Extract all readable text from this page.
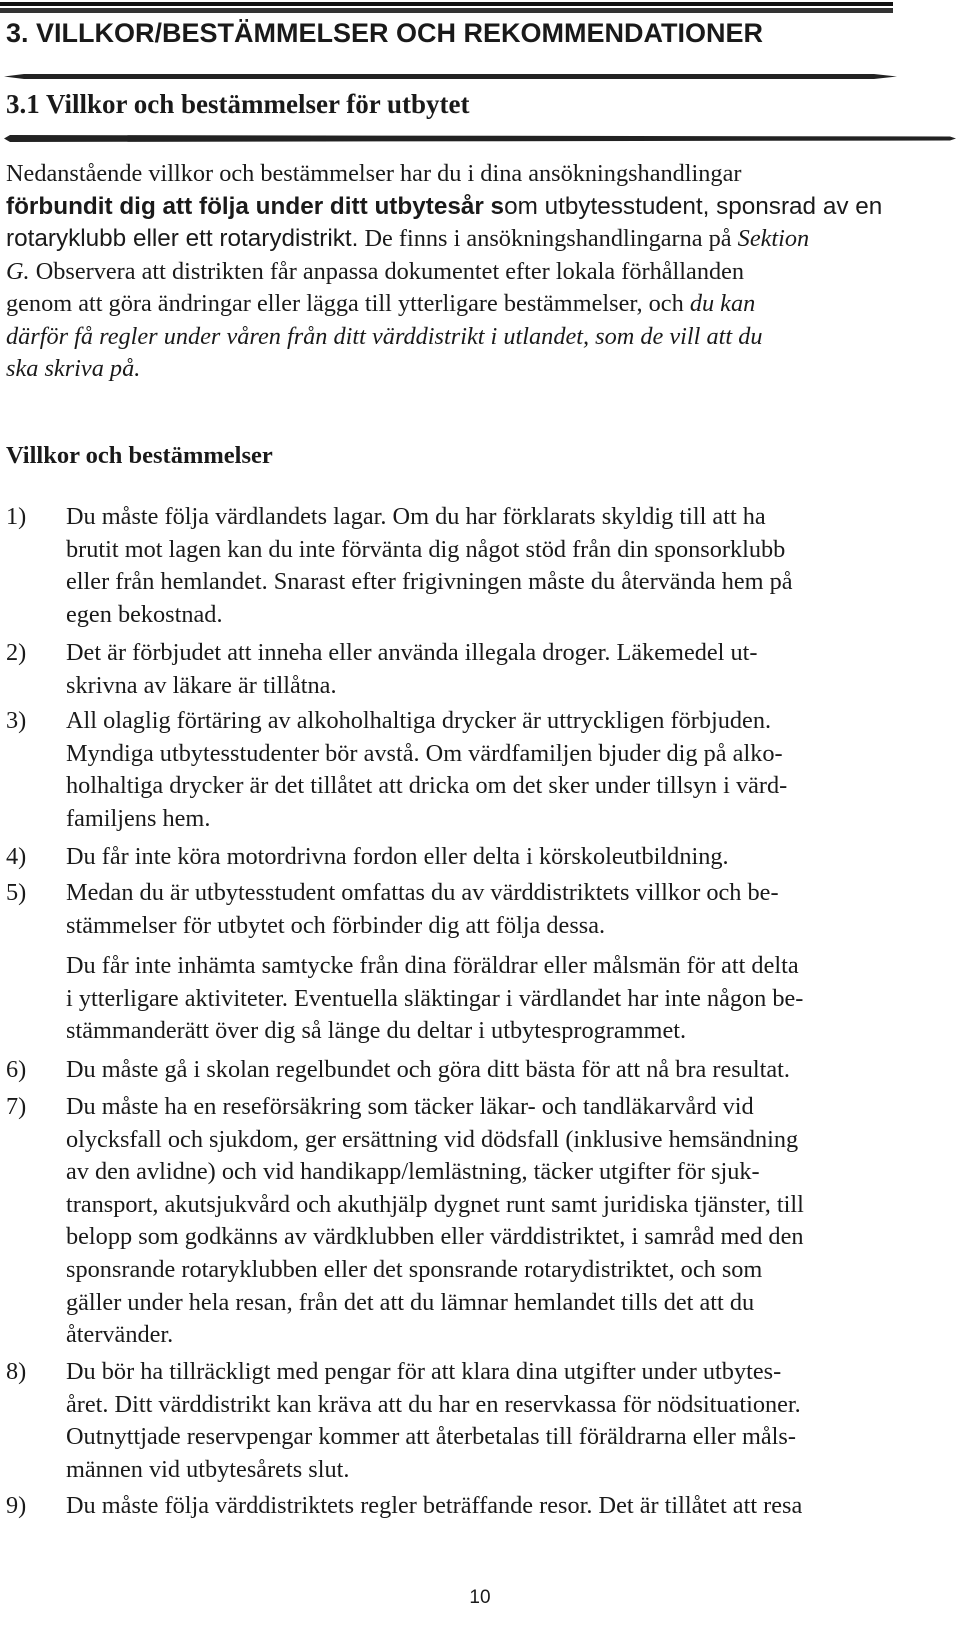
3. VILLKOR/BESTÄMMELSER OCH REKOMMENDATIONER
3.1 Villkor och bestämmelser för utbytet
Nedanstående villkor och bestämmelser har du i dina ansökningshandlingar
förbundit dig att följa under ditt utbytesår som utbytesstudent, sponsrad av en
rotaryklubb eller ett rotarydistrikt. De finns i ansökningshandlingarna på Sektion
G. Observera att distrikten får anpassa dokumentet efter lokala förhållanden
genom att göra ändringar eller lägga till ytterligare bestämmelser, och du kan
därför få regler under våren från ditt värddistrikt i utlandet, som de vill att du
ska skriva på.
Villkor och bestämmelser
1) Du måste följa värdlandets lagar. Om du har förklarats skyldig till att ha
brutit mot lagen kan du inte förvänta dig något stöd från din sponsorklubb
eller från hemlandet. Snarast efter frigivningen måste du återvända hem på
egen bekostnad.
2) Det är förbjudet att inneha eller använda illegala droger. Läkemedel ut-
skrivna av läkare är tillåtna.
3) All olaglig förtäring av alkoholhaltiga drycker är uttryckligen förbjuden.
Myndiga utbytesstudenter bör avstå. Om värdfamiljen bjuder dig på alko-
holhaltiga drycker är det tillåtet att dricka om det sker under tillsyn i värd-
familjens hem.
4) Du får inte köra motordrivna fordon eller delta i körskoleutbildning.
5) Medan du är utbytesstudent omfattas du av värddistriktets villkor och be-
stämmelser för utbytet och förbinder dig att följa dessa.
Du får inte inhämta samtycke från dina föräldrar eller målsmän för att delta
i ytterligare aktiviteter. Eventuella släktingar i värdlandet har inte någon be-
stämmanderätt över dig så länge du deltar i utbytesprogrammet.
6) Du måste gå i skolan regelbundet och göra ditt bästa för att nå bra resultat.
7) Du måste ha en reseförsäkring som täcker läkar- och tandläkarvård vid
olycksfall och sjukdom, ger ersättning vid dödsfall (inklusive hemsändning
av den avlidne) och vid handikapp/lemlästning, täcker utgifter för sjuk-
transport, akutsjukvård och akuthjälp dygnet runt samt juridiska tjänster, till
belopp som godkänns av värdklubben eller värddistriktet, i samråd med den
sponsrande rotaryklubben eller det sponsrande rotarydistriktet, och som
gäller under hela resan, från det att du lämnar hemlandet tills det att du
återvänder.
8) Du bör ha tillräckligt med pengar för att klara dina utgifter under utbytes-
året. Ditt värddistrikt kan kräva att du har en reservkassa för nödsituationer.
Outnyttjade reservpengar kommer att återbetalas till föräldrarna eller måls-
männen vid utbytesårets slut.
9) Du måste följa värddistriktets regler beträffande resor. Det är tillåtet att resa
10
